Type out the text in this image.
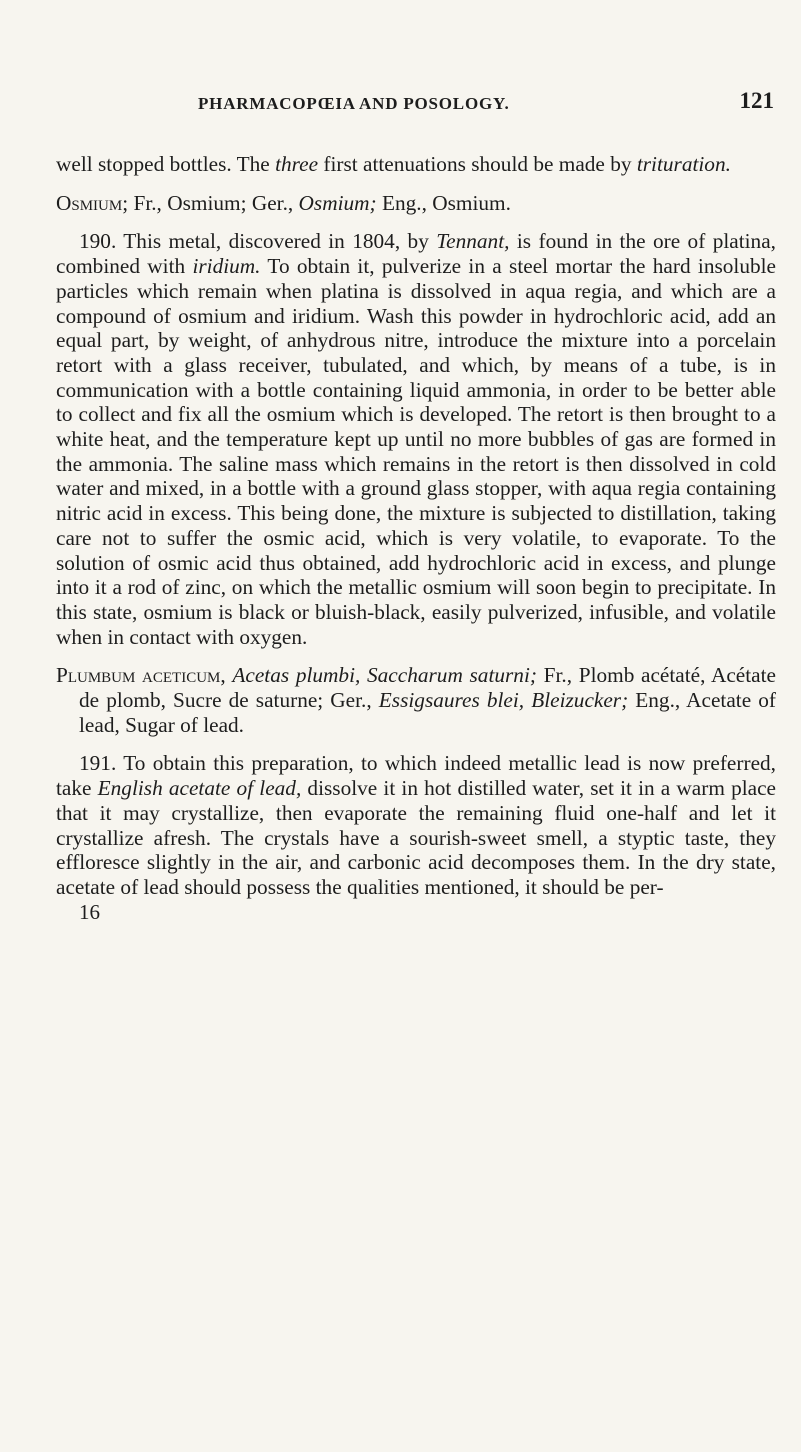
PHARMACOPŒIA AND POSOLOGY.	121

well stopped bottles. The three first attenuations should be made by trituration.

Osmium; Fr., Osmium; Ger., Osmium; Eng., Osmium.

190. This metal, discovered in 1804, by Tennant, is found in the ore of platina, combined with iridium. To obtain it, pulverize in a steel mortar the hard insoluble particles which remain when platina is dissolved in aqua regia, and which are a compound of osmium and iridium. Wash this powder in hydrochloric acid, add an equal part, by weight, of anhydrous nitre, introduce the mixture into a porcelain retort with a glass receiver, tubulated, and which, by means of a tube, is in communication with a bottle containing liquid ammonia, in order to be better able to collect and fix all the osmium which is developed. The retort is then brought to a white heat, and the temperature kept up until no more bubbles of gas are formed in the ammonia. The saline mass which remains in the retort is then dissolved in cold water and mixed, in a bottle with a ground glass stopper, with aqua regia containing nitric acid in excess. This being done, the mixture is subjected to distillation, taking care not to suffer the osmic acid, which is very volatile, to evaporate. To the solution of osmic acid thus obtained, add hydrochloric acid in excess, and plunge into it a rod of zinc, on which the metallic osmium will soon begin to precipitate. In this state, osmium is black or bluish-black, easily pulverized, infusible, and volatile when in contact with oxygen.

Plumbum aceticum, Acetas plumbi, Saccharum saturni; Fr., Plomb acétaté, Acétate de plomb, Sucre de saturne; Ger., Essigsaures blei, Bleizucker; Eng., Acetate of lead, Sugar of lead.

191. To obtain this preparation, to which indeed metallic lead is now preferred, take English acetate of lead, dissolve it in hot distilled water, set it in a warm place that it may crystallize, then evaporate the remaining fluid one-half and let it crystallize afresh. The crystals have a sourish-sweet smell, a styptic taste, they effloresce slightly in the air, and carbonic acid decomposes them. In the dry state, acetate of lead should possess the qualities mentioned, it should be per-

16
